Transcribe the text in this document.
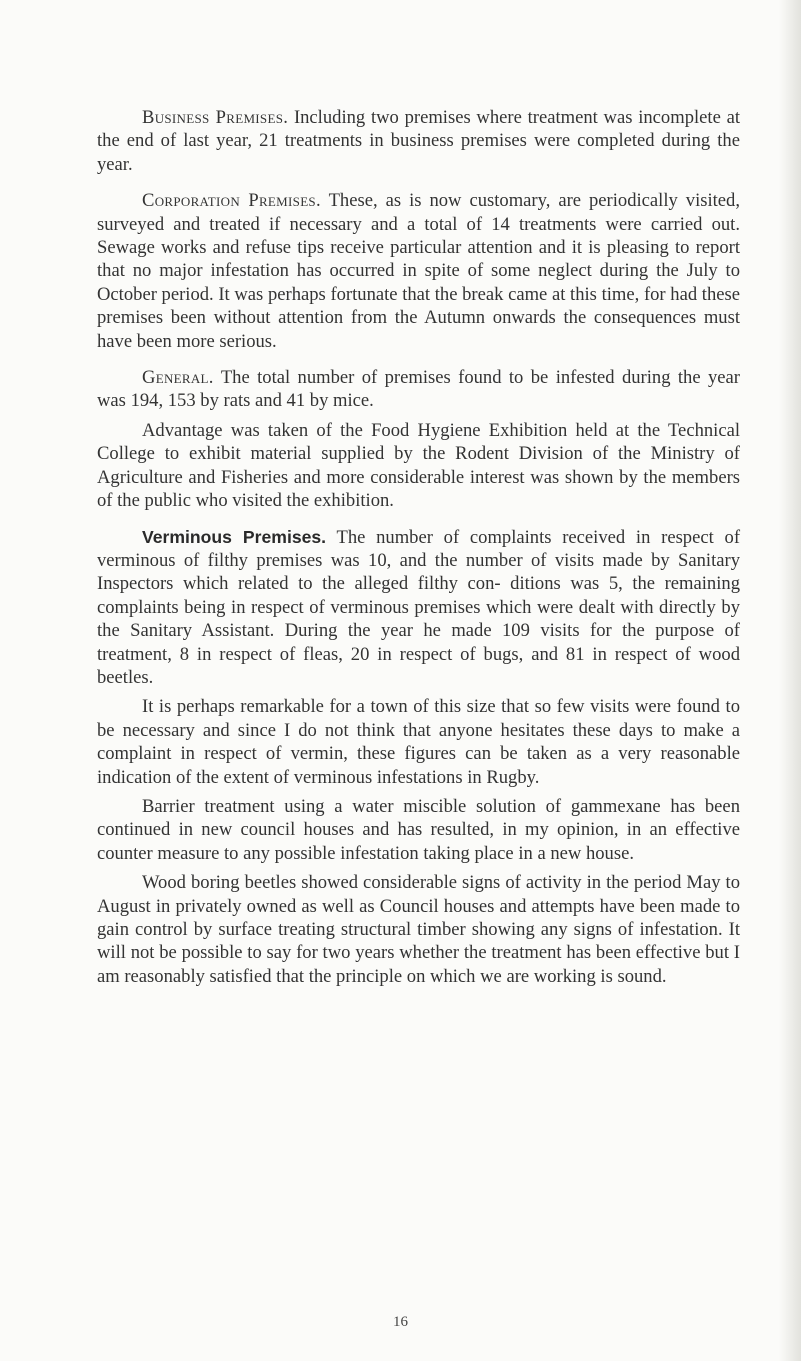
Business Premises. Including two premises where treatment was incomplete at the end of last year, 21 treatments in business premises were completed during the year.

Corporation Premises. These, as is now customary, are periodically visited, surveyed and treated if necessary and a total of 14 treatments were carried out. Sewage works and refuse tips receive particular attention and it is pleasing to report that no major infestation has occurred in spite of some neglect during the July to October period. It was perhaps fortunate that the break came at this time, for had these premises been without attention from the Autumn onwards the consequences must have been more serious.

General. The total number of premises found to be infested during the year was 194, 153 by rats and 41 by mice.

Advantage was taken of the Food Hygiene Exhibition held at the Technical College to exhibit material supplied by the Rodent Division of the Ministry of Agriculture and Fisheries and more considerable interest was shown by the members of the public who visited the exhibition.

Verminous Premises. The number of complaints received in respect of verminous of filthy premises was 10, and the number of visits made by Sanitary Inspectors which related to the alleged filthy con- ditions was 5, the remaining complaints being in respect of verminous premises which were dealt with directly by the Sanitary Assistant. During the year he made 109 visits for the purpose of treatment, 8 in respect of fleas, 20 in respect of bugs, and 81 in respect of wood beetles.

It is perhaps remarkable for a town of this size that so few visits were found to be necessary and since I do not think that anyone hesitates these days to make a complaint in respect of vermin, these figures can be taken as a very reasonable indication of the extent of verminous infestations in Rugby.

Barrier treatment using a water miscible solution of gammexane has been continued in new council houses and has resulted, in my opinion, in an effective counter measure to any possible infestation taking place in a new house.

Wood boring beetles showed considerable signs of activity in the period May to August in privately owned as well as Council houses and attempts have been made to gain control by surface treating structural timber showing any signs of infestation. It will not be possible to say for two years whether the treatment has been effective but I am reasonably satisfied that the principle on which we are working is sound.

16
